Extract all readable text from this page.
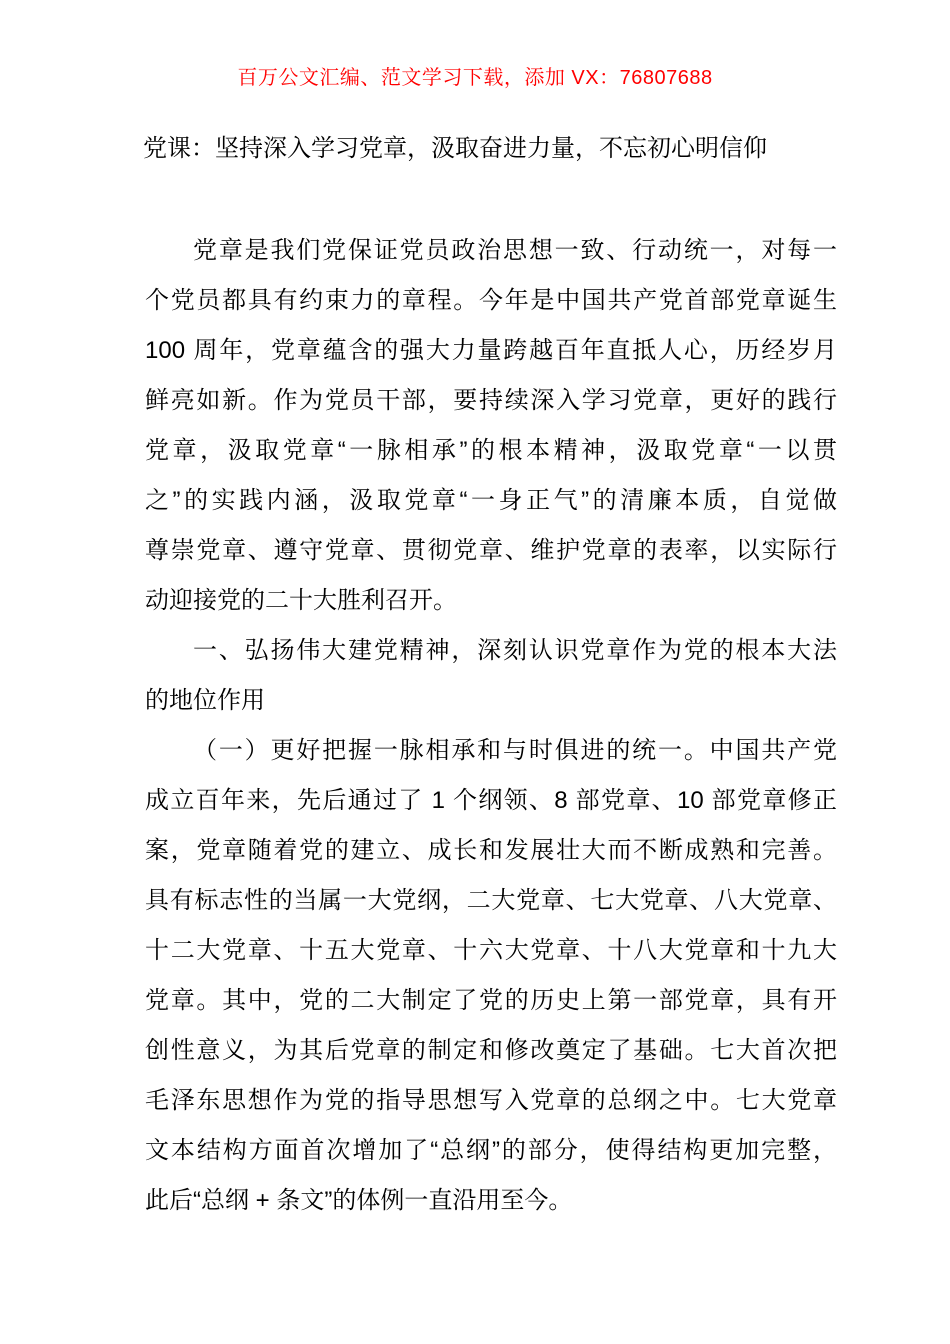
百万公文汇编、范文学习下载，添加 VX：76807688
党课：坚持深入学习党章，汲取奋进力量，不忘初心明信仰
党章是我们党保证党员政治思想一致、行动统一，对每一
个党员都具有约束力的章程。今年是中国共产党首部党章诞生
100 周年，党章蕴含的强大力量跨越百年直抵人心，历经岁月
鲜亮如新。作为党员干部，要持续深入学习党章，更好的践行
党章，汲取党章“一脉相承”的根本精神，汲取党章“一以贯
之”的实践内涵，汲取党章“一身正气”的清廉本质，自觉做
尊崇党章、遵守党章、贯彻党章、维护党章的表率，以实际行
动迎接党的二十大胜利召开。
一、弘扬伟大建党精神，深刻认识党章作为党的根本大法
的地位作用
（一）更好把握一脉相承和与时俱进的统一。中国共产党
成立百年来，先后通过了 1 个纲领、8 部党章、10 部党章修正
案，党章随着党的建立、成长和发展壮大而不断成熟和完善。
具有标志性的当属一大党纲，二大党章、七大党章、八大党章、
十二大党章、十五大党章、十六大党章、十八大党章和十九大
党章。其中，党的二大制定了党的历史上第一部党章，具有开
创性意义，为其后党章的制定和修改奠定了基础。七大首次把
毛泽东思想作为党的指导思想写入党章的总纲之中。七大党章
文本结构方面首次增加了“总纲”的部分，使得结构更加完整，
此后“总纲 + 条文”的体例一直沿用至今。
